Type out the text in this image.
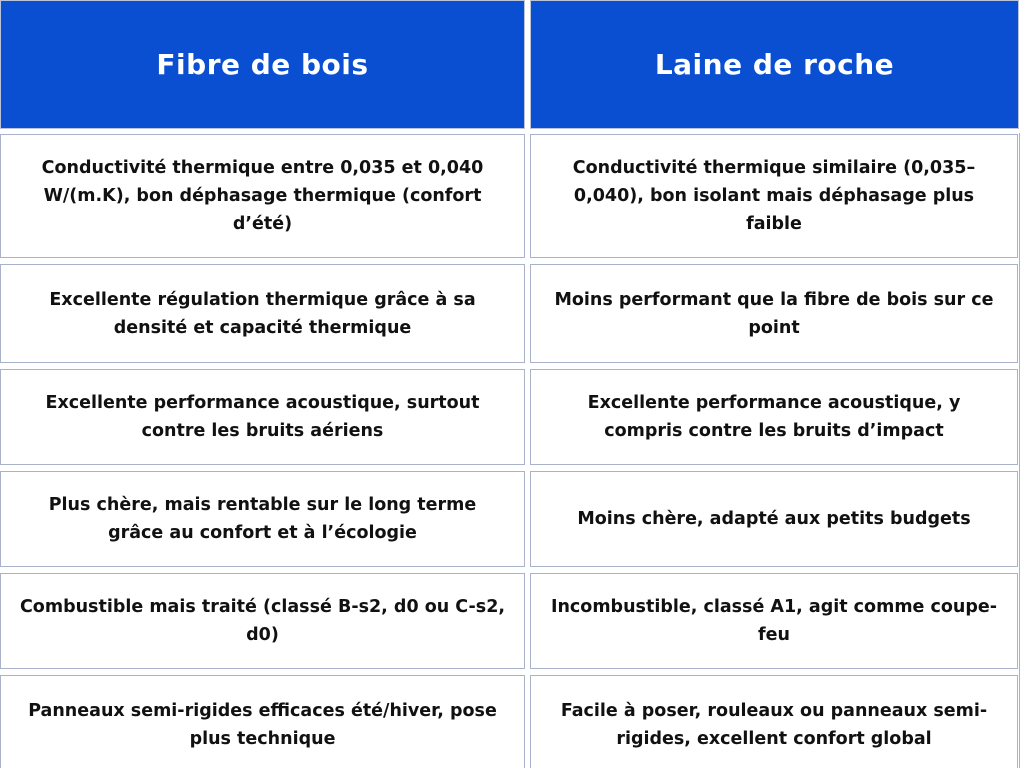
Fibre de bois	Laine de roche
Conductivité thermique entre 0,035 et 0,040 W/(m.K), bon déphasage thermique (confort d’été)
Conductivité thermique similaire (0,035–0,040), bon isolant mais déphasage plus faible
Excellente régulation thermique grâce à sa densité et capacité thermique
Moins performant que la fibre de bois sur ce point
Excellente performance acoustique, surtout contre les bruits aériens
Excellente performance acoustique, y compris contre les bruits d’impact
Plus chère, mais rentable sur le long terme grâce au confort et à l’écologie
Moins chère, adapté aux petits budgets
Combustible mais traité (classé B-s2, d0 ou C-s2, d0)
Incombustible, classé A1, agit comme coupe-feu
Panneaux semi-rigides efficaces été/hiver, pose plus technique
Facile à poser, rouleaux ou panneaux semi-rigides, excellent confort global
